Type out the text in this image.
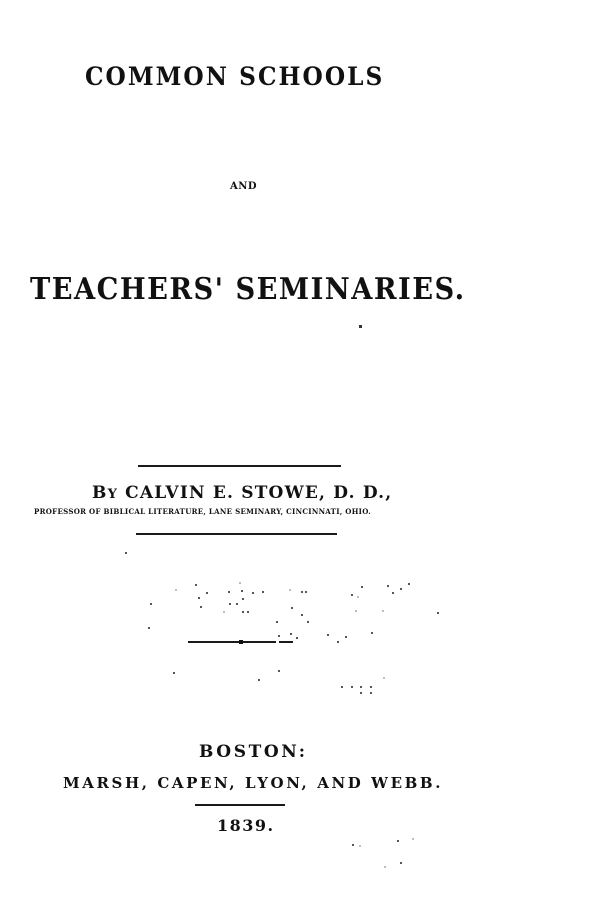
COMMON SCHOOLS
AND
TEACHERS' SEMINARIES.
BY CALVIN E. STOWE, D. D.,
PROFESSOR OF BIBLICAL LITERATURE, LANE SEMINARY, CINCINNATI, OHIO.
BOSTON:
MARSH, CAPEN, LYON, AND WEBB.
1839.
